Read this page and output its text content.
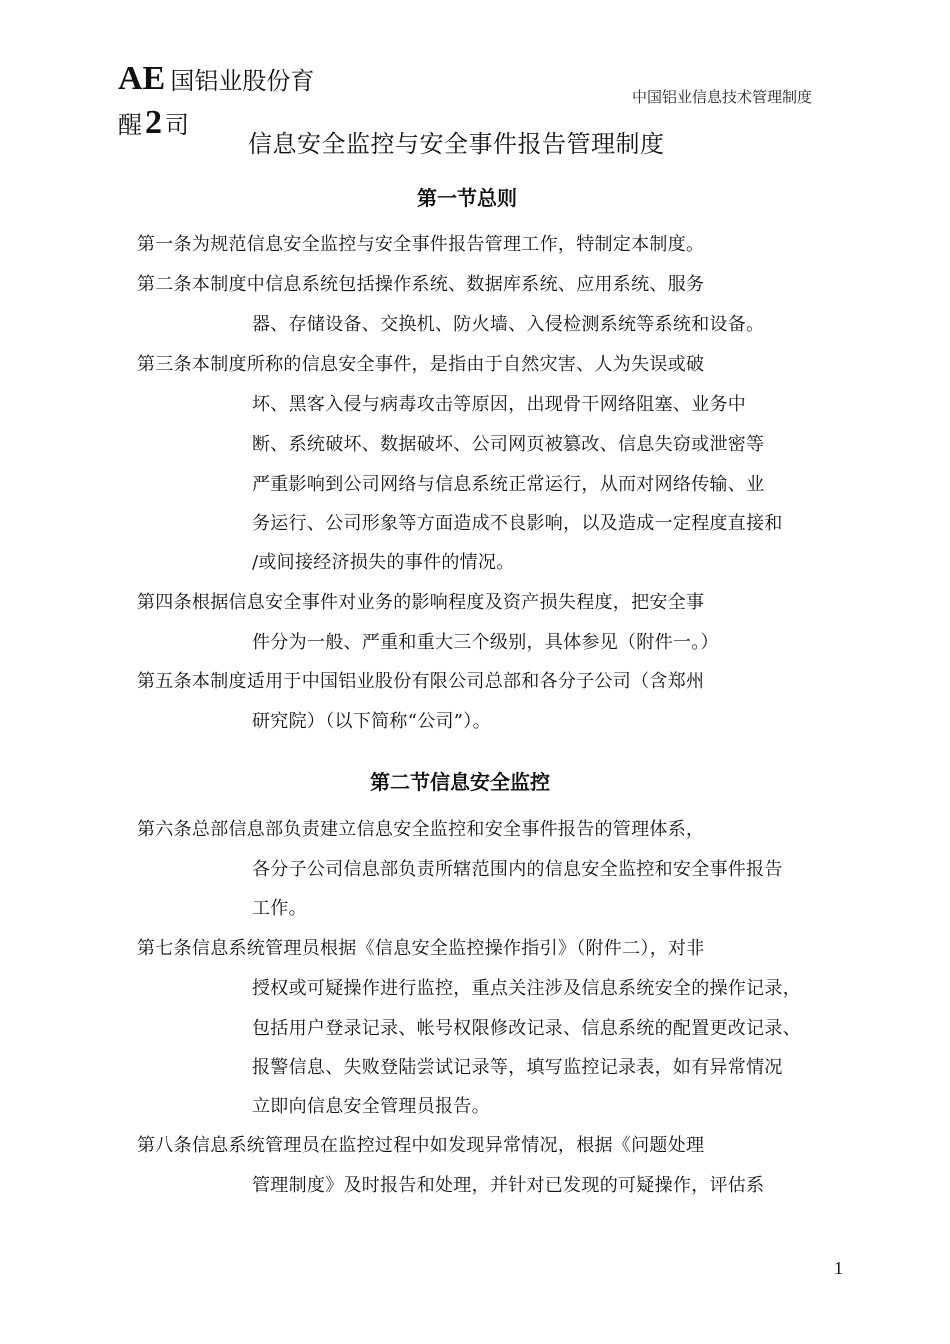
AE 国铝业股份育
醒2 司
中国铝业信息技术管理制度
信息安全监控与安全事件报告管理制度
第一节总则
第一条为规范信息安全监控与安全事件报告管理工作，特制定本制度。
第二条本制度中信息系统包括操作系统、数据库系统、应用系统、服务
器、存储设备、交换机、防火墙、入侵检测系统等系统和设备。
第三条本制度所称的信息安全事件，是指由于自然灾害、人为失误或破
坏、黑客入侵与病毒攻击等原因，出现骨干网络阻塞、业务中
断、系统破坏、数据破坏、公司网页被篡改、信息失窃或泄密等
严重影响到公司网络与信息系统正常运行，从而对网络传输、业
务运行、公司形象等方面造成不良影响，以及造成一定程度直接和
/或间接经济损失的事件的情况。
第四条根据信息安全事件对业务的影响程度及资产损失程度，把安全事
件分为一般、严重和重大三个级别，具体参见（附件一。）
第五条本制度适用于中国铝业股份有限公司总部和各分子公司（含郑州
研究院）（以下简称“公司”）。
第二节信息安全监控
第六条总部信息部负责建立信息安全监控和安全事件报告的管理体系，
各分子公司信息部负责所辖范围内的信息安全监控和安全事件报告
工作。
第七条信息系统管理员根据《信息安全监控操作指引》（附件二），对非
授权或可疑操作进行监控，重点关注涉及信息系统安全的操作记录，
包括用户登录记录、帐号权限修改记录、信息系统的配置更改记录、
报警信息、失败登陆尝试记录等，填写监控记录表，如有异常情况
立即向信息安全管理员报告。
第八条信息系统管理员在监控过程中如发现异常情况，根据《问题处理
管理制度》及时报告和处理，并针对已发现的可疑操作，评估系
1
